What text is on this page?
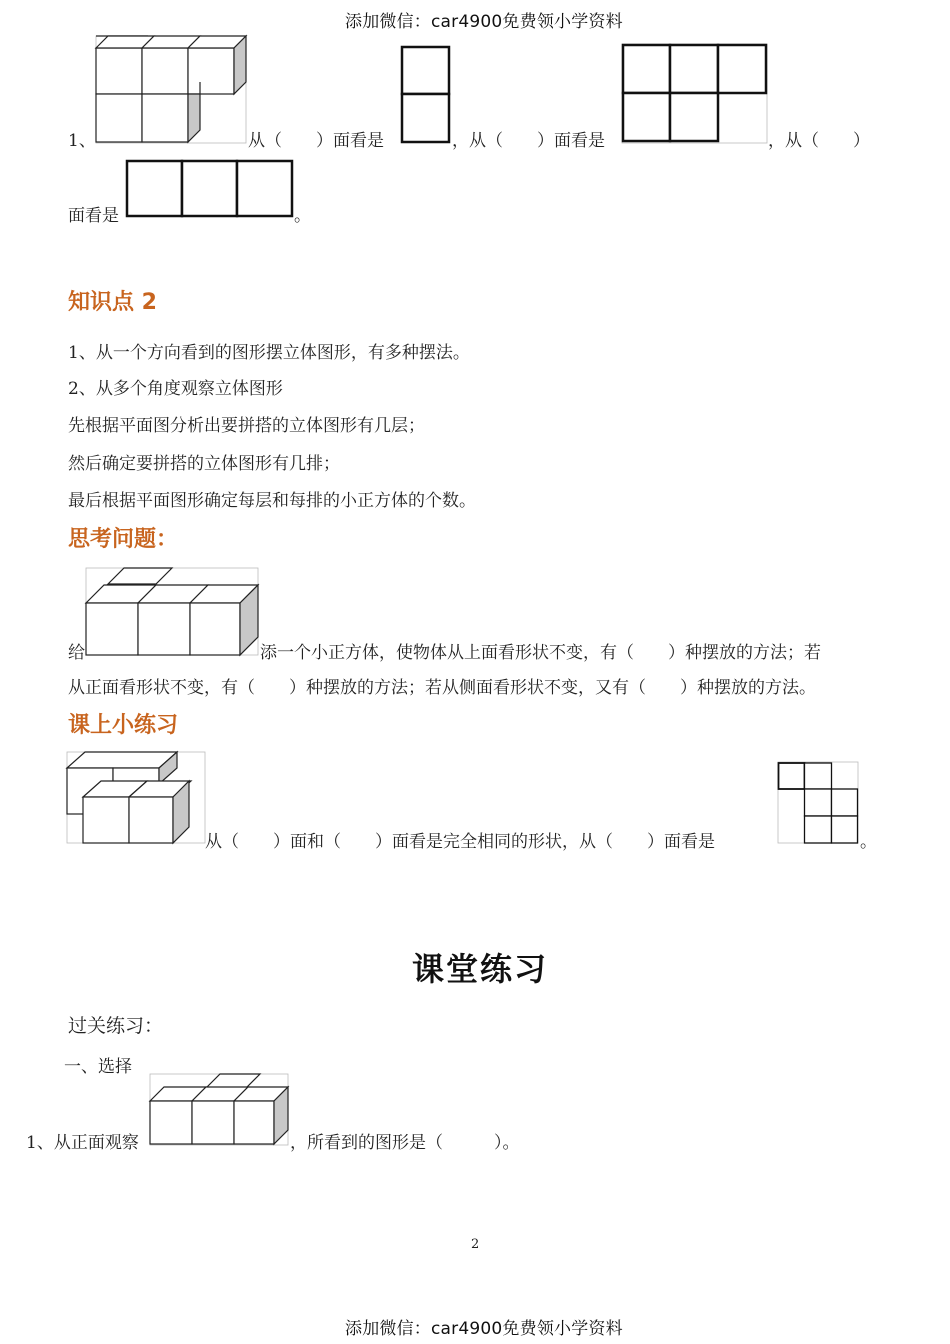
添加微信：car4900免费领小学资料
添加微信：car4900免费领小学资料
1、	从（　　）面看是	，从（　　）面看是	，从（　　）
面看是	。
知识点 2
1、从一个方向看到的图形摆立体图形，有多种摆法。
2、从多个角度观察立体图形
先根据平面图分析出要拼搭的立体图形有几层；
然后确定要拼搭的立体图形有几排；
最后根据平面图形确定每层和每排的小正方体的个数。
思考问题：
给	添一个小正方体，使物体从上面看形状不变，有（　　）种摆放的方法；若
从正面看形状不变，有（　　）种摆放的方法；若从侧面看形状不变，又有（　　）种摆放的方法。
课上小练习
从（　　）面和（　　）面看是完全相同的形状，从（　　）面看是	。
课堂练习
过关练习：
一、选择
1、从正面观察	，所看到的图形是（　　　）。
2
